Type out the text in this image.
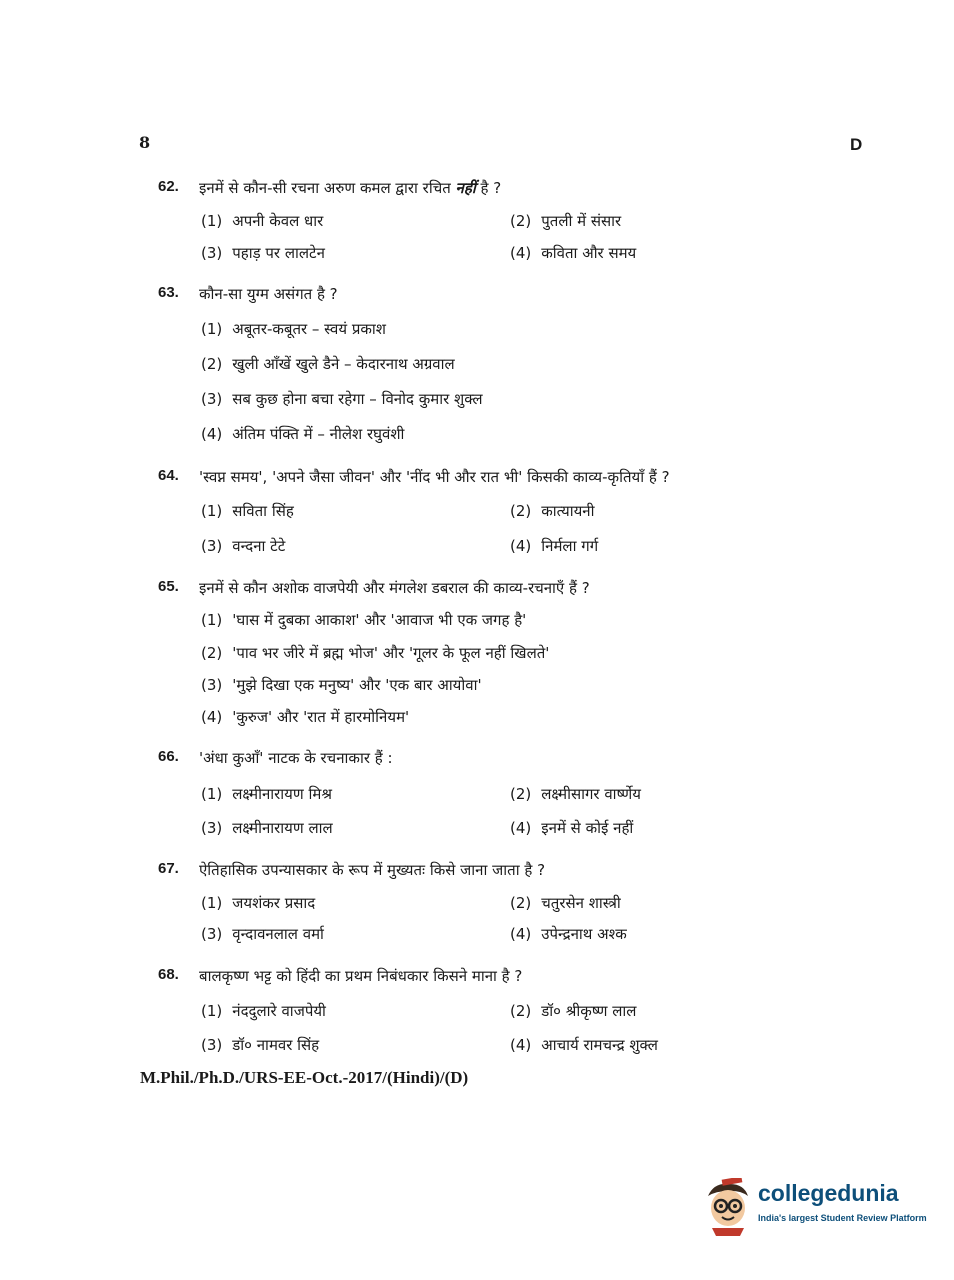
8	D
62. इनमें से कौन-सी रचना अरुण कमल द्वारा रचित नहीं है ?
(1) अपनी केवल धार	(2) पुतली में संसार
(3) पहाड़ पर लालटेन	(4) कविता और समय
63. कौन-सा युग्म असंगत है ?
(1) अबूतर-कबूतर – स्वयं प्रकाश
(2) खुली आँखें खुले डैने – केदारनाथ अग्रवाल
(3) सब कुछ होना बचा रहेगा – विनोद कुमार शुक्ल
(4) अंतिम पंक्ति में – नीलेश रघुवंशी
64. 'स्वप्न समय', 'अपने जैसा जीवन' और 'नींद भी और रात भी' किसकी काव्य-कृतियाँ हैं ?
(1) सविता सिंह	(2) कात्यायनी
(3) वन्दना टेटे	(4) निर्मला गर्ग
65. इनमें से कौन अशोक वाजपेयी और मंगलेश डबराल की काव्य-रचनाएँ हैं ?
(1) 'घास में दुबका आकाश' और 'आवाज भी एक जगह है'
(2) 'पाव भर जीरे में ब्रह्म भोज' और 'गूलर के फूल नहीं खिलते'
(3) 'मुझे दिखा एक मनुष्य' और 'एक बार आयोवा'
(4) 'कुरुज' और 'रात में हारमोनियम'
66. 'अंधा कुआँ' नाटक के रचनाकार हैं :
(1) लक्ष्मीनारायण मिश्र	(2) लक्ष्मीसागर वार्ष्णेय
(3) लक्ष्मीनारायण लाल	(4) इनमें से कोई नहीं
67. ऐतिहासिक उपन्यासकार के रूप में मुख्यतः किसे जाना जाता है ?
(1) जयशंकर प्रसाद	(2) चतुरसेन शास्त्री
(3) वृन्दावनलाल वर्मा	(4) उपेन्द्रनाथ अश्क
68. बालकृष्ण भट्ट को हिंदी का प्रथम निबंधकार किसने माना है ?
(1) नंददुलारे वाजपेयी	(2) डॉ० श्रीकृष्ण लाल
(3) डॉ० नामवर सिंह	(4) आचार्य रामचन्द्र शुक्ल
M.Phil./Ph.D./URS-EE-Oct.-2017/(Hindi)/(D)
collegedunia
India's largest Student Review Platform
